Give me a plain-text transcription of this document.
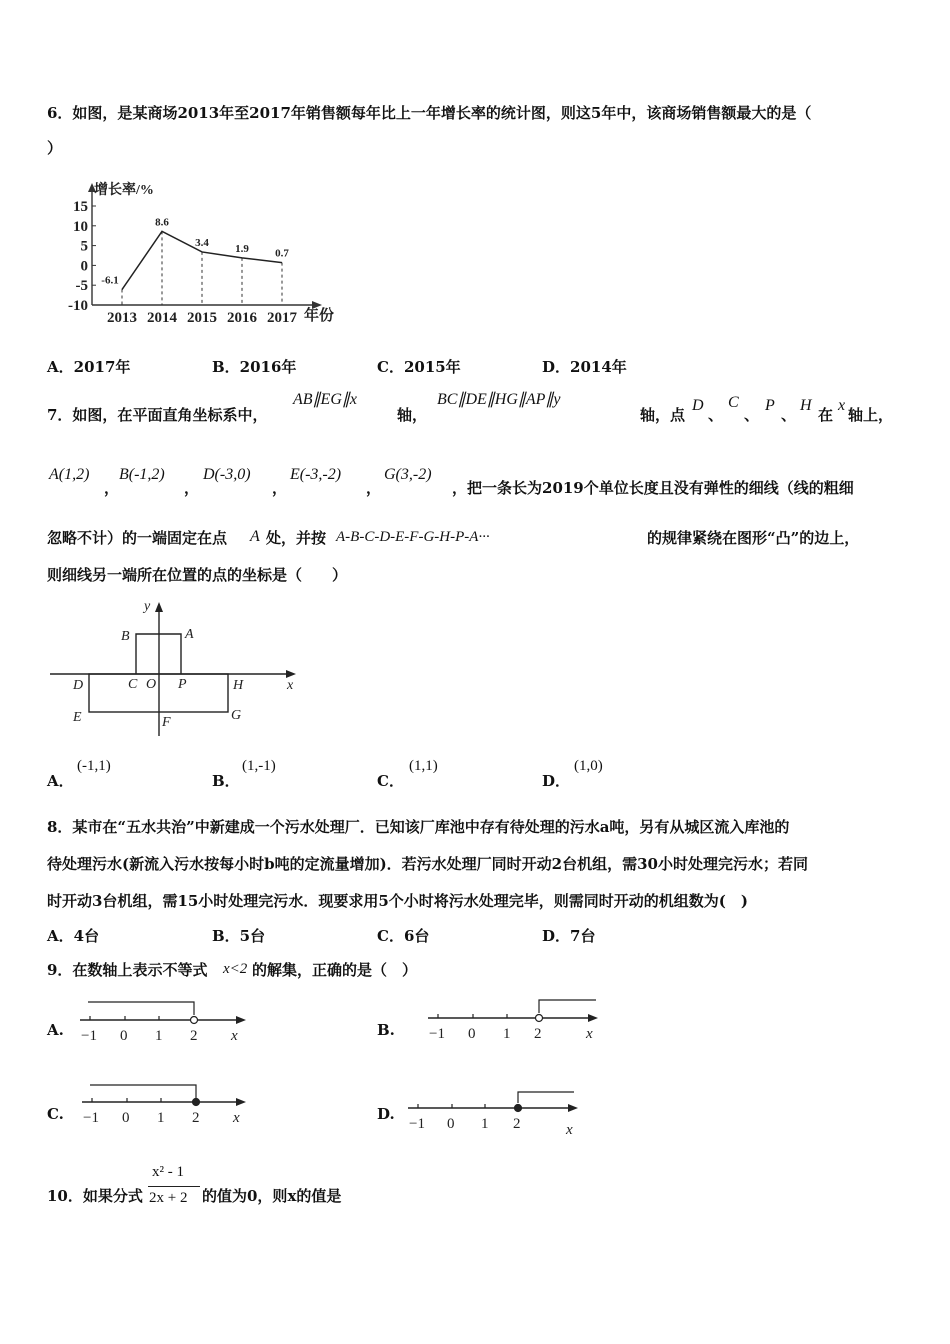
6．如图，是某商场2013年至2017年销售额每年比上一年增长率的统计图，则这5年中，该商场销售额最大的是（
）
增长率/%
年份
15
10
5
0
-5
-10
2013 2014 2015 2016 2017
-6.1
8.6
3.4 1.9 0.7
A．2017年	B．2016年	C．2015年	D．2014年
7．如图，在平面直角坐标系中，
AB∥EG∥x
轴，
BC∥DE∥HG∥AP∥y
轴，点
D
、
C
、
P
、
H
在
x
轴上，
A(1,2)
，
B(-1,2)
，
D(-3,0)
，
E(-3,-2)
，
G(3,-2)
，把一条长为2019个单位长度且没有弹性的细线（线的粗细
忽略不计）的一端固定在点 A 处，并按 A-B-C-D-E-F-G-H-P-A···	的规律紧绕在图形“凸”的边上，
则细线另一端所在位置的点的坐标是（　　）
y
B	A
D	C O P	H	x
E	G
F
A．
(-1,1)
B．
(1,-1)
C．
(1,1)
D．
(1,0)
8．某市在“五水共治”中新建成一个污水处理厂．已知该厂库池中存有待处理的污水a吨，另有从城区流入库池的
待处理污水(新流入污水按每小时b吨的定流量增加)．若污水处理厂同时开动2台机组，需30小时处理完污水；若同
时开动3台机组，需15小时处理完污水．现要求用5个小时将污水处理完毕，则需同时开动的机组数为(　)
A．4台	B．5台	C．6台	D．7台
9．在数轴上表示不等式 x<2 的解集，正确的是（　）
A. −1 0 1 2 x	B. −1 0 1 2	x
C. −1 0 1 2 x	D.
−1 0 1 2	x
10．如果分式
x² - 1
2x + 2 的值为0，则x的值是
